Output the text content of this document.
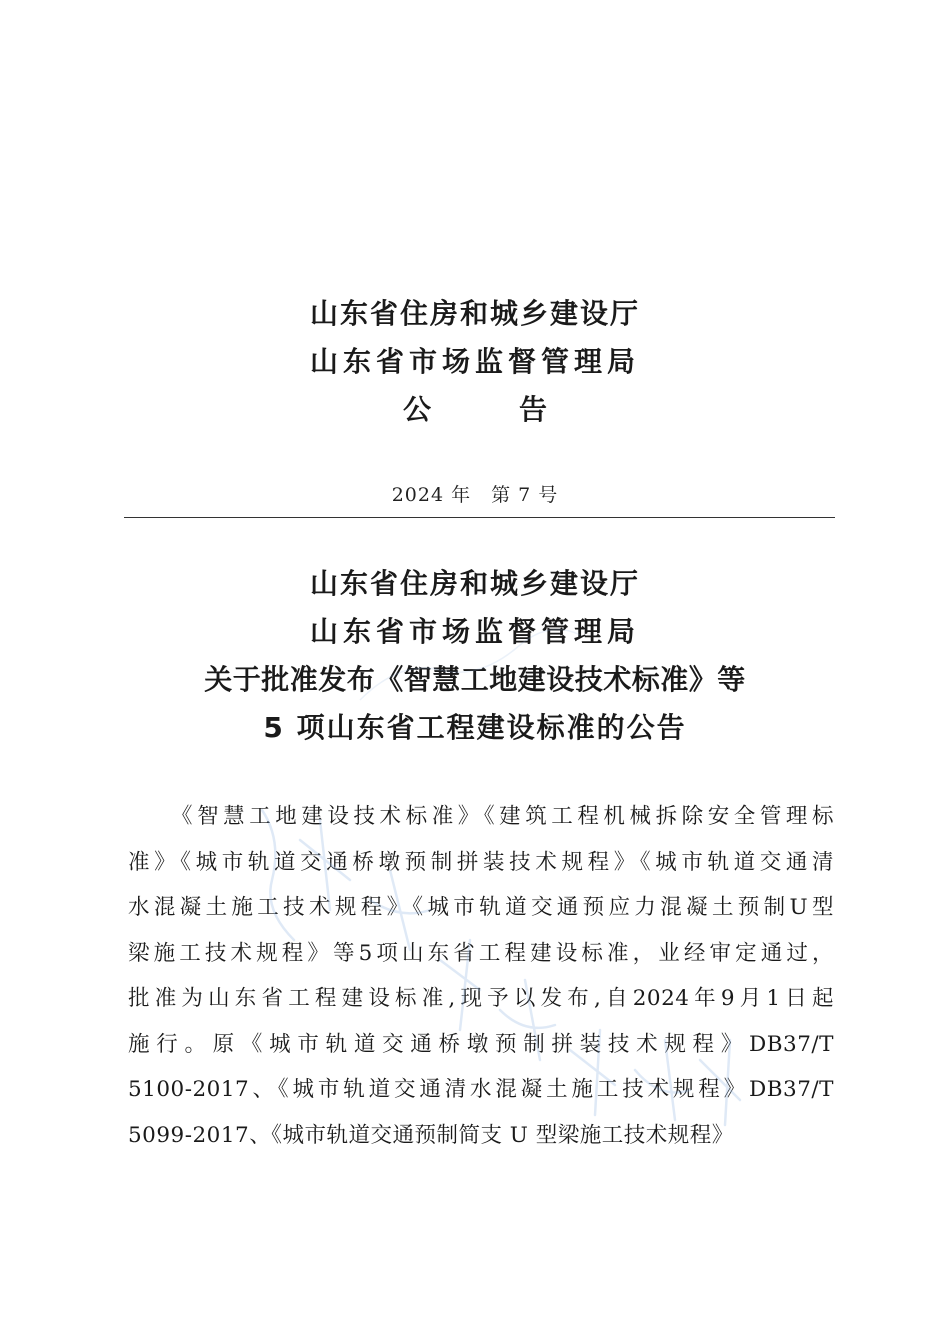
山东省住房和城乡建设厅
山东省市场监督管理局
公	告
2024 年　第 7 号
山东省住房和城乡建设厅
山东省市场监督管理局
关于批准发布《智慧工地建设技术标准》等
5 项山东省工程建设标准的公告

《智慧工地建设技术标准》《建筑工程机械拆除安全管理标

准》《城市轨道交通桥墩预制拼装技术规程》《城市轨道交通清

水混凝土施工技术规程》《城市轨道交通预应力混凝土预制U型

梁施工技术规程》等5项山东省工程建设标准，业经审定通过，

批准为山东省工程建设标准,现予以发布,自2024年9月1日起

施行。原《城市轨道交通桥墩预制拼装技术规程》DB37/T

5100-2017、《城市轨道交通清水混凝土施工技术规程》DB37/T

5099-2017、《城市轨道交通预制简支 U 型梁施工技术规程》
